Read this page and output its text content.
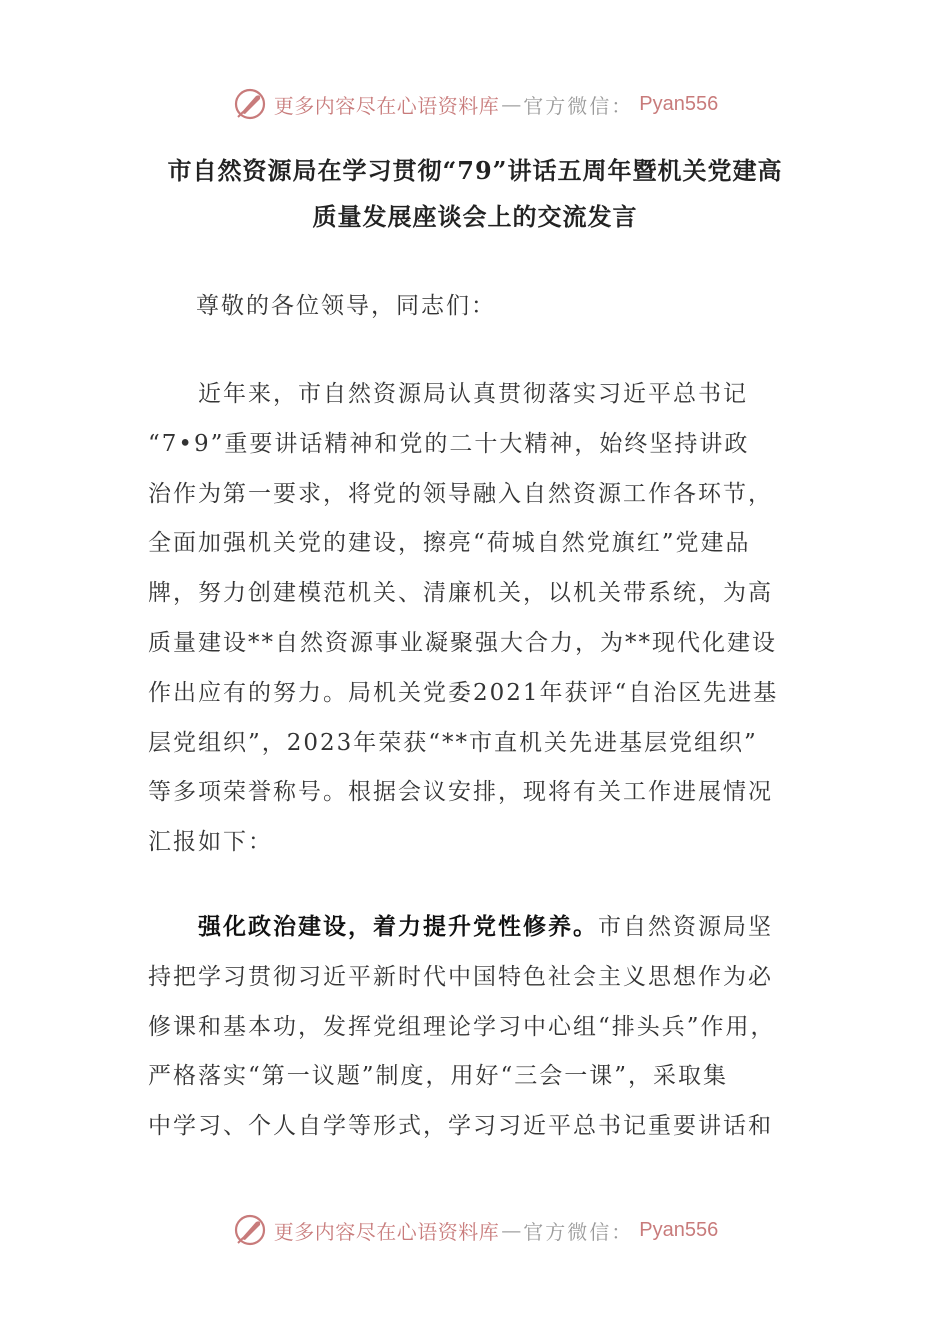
更多内容尽在心语资料库 — 官方微信： Pyan556
市自然资源局在学习贯彻“79”讲话五周年暨机关党建高
质量发展座谈会上的交流发言
尊敬的各位领导，同志们：
近年来，市自然资源局认真贯彻落实习近平总书记
“7•9”重要讲话精神和党的二十大精神，始终坚持讲政
治作为第一要求，将党的领导融入自然资源工作各环节，
全面加强机关党的建设，擦亮“荷城自然党旗红”党建品
牌，努力创建模范机关、清廉机关，以机关带系统，为高
质量建设**自然资源事业凝聚强大合力，为**现代化建设
作出应有的努力。局机关党委2021年获评“自治区先进基
层党组织”，2023年荣获“**市直机关先进基层党组织”
等多项荣誉称号。根据会议安排，现将有关工作进展情况
汇报如下：
强化政治建设，着力提升党性修养。市自然资源局坚
持把学习贯彻习近平新时代中国特色社会主义思想作为必
修课和基本功，发挥党组理论学习中心组“排头兵”作用，
严格落实“第一议题”制度，用好“三会一课”，采取集
中学习、个人自学等形式，学习习近平总书记重要讲话和
更多内容尽在心语资料库 — 官方微信： Pyan556
